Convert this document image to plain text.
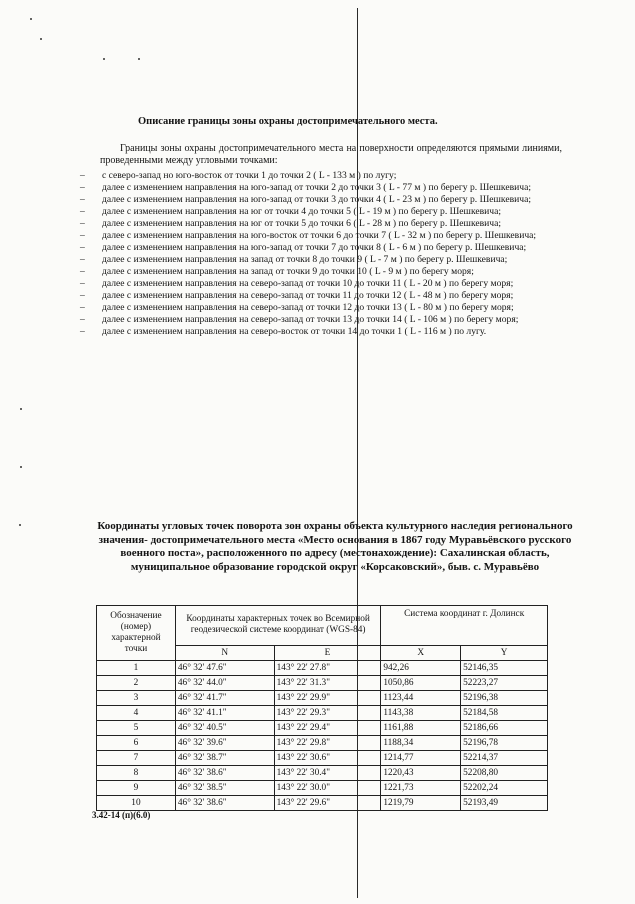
Описание границы зоны охраны достопримечательного места.
Границы зоны охраны достопримечательного места на поверхности определяются прямыми линиями, проведенными между угловыми точками:
– с северо-запад но юго-восток от точки 1 до точки 2 ( L - 133 м ) по лугу;
– далее с изменением направления на юго-запад от точки 2 до точки 3 ( L - 77 м ) по берегу р. Шешкевича;
– далее с изменением направления на юго-запад от точки 3 до точки 4 ( L - 23 м ) по берегу р. Шешкевича;
– далее с изменением направления на юг от точки 4 до точки 5 ( L - 19 м ) по берегу р. Шешкевича;
– далее с изменением направления на юг от точки 5 до точки 6 ( L - 28 м ) по берегу р. Шешкевича;
– далее с изменением направления на юго-восток от точки 6 до точки 7 ( L - 32 м ) по берегу р. Шешкевича;
– далее с изменением направления на юго-запад от точки 7 до точки 8 ( L - 6 м ) по берегу р. Шешкевича;
– далее с изменением направления на запад от точки 8 до точки 9 ( L - 7 м ) по берегу р. Шешкевича;
– далее с изменением направления на запад от точки 9 до точки 10 ( L - 9 м ) по берегу моря;
– далее с изменением направления на северо-запад от точки 10 до точки 11 ( L - 20 м ) по берегу моря;
– далее с изменением направления на северо-запад от точки 11 до точки 12 ( L - 48 м ) по берегу моря;
– далее с изменением направления на северо-запад от точки 12 до точки 13 ( L - 80 м ) по берегу моря;
– далее с изменением направления на северо-запад от точки 13 до точки 14 ( L - 106 м ) по берегу моря;
– далее с изменением направления на северо-восток от точки 14 до точки 1 ( L - 116 м ) по лугу.
Координаты угловых точек поворота зон охраны объекта культурного наследия регионального значения- достопримечательного места «Место основания в 1867 году Муравьёвского русского военного поста», расположенного по адресу (местонахождение): Сахалинская область, муниципальное образование городской округ «Корсаковский», быв. с. Муравьёво
Обозначение (номер) характерной точки	Координаты характерных точек во Всемирной геодезической системе координат (WGS-84)		Система координат г. Долинск	
	N	E	X	Y
1	46° 32' 47.6"	143° 22' 27.8"	942,26	52146,35
2	46° 32' 44.0"	143° 22' 31.3"	1050,86	52223,27
3	46° 32' 41.7"	143° 22' 29.9"	1123,44	52196,38
4	46° 32' 41.1"	143° 22' 29.3"	1143,38	52184,58
5	46° 32' 40.5"	143° 22' 29.4"	1161,88	52186,66
6	46° 32' 39.6"	143° 22' 29.8"	1188,34	52196,78
7	46° 32' 38.7"	143° 22' 30.6"	1214,77	52214,37
8	46° 32' 38.6"	143° 22' 30.4"	1220,43	52208,80
9	46° 32' 38.5"	143° 22' 30.0"	1221,73	52202,24
10	46° 32' 38.6"	143° 22' 29.6"	1219,79	52193,49
3.42-14 (п)(6.0)
